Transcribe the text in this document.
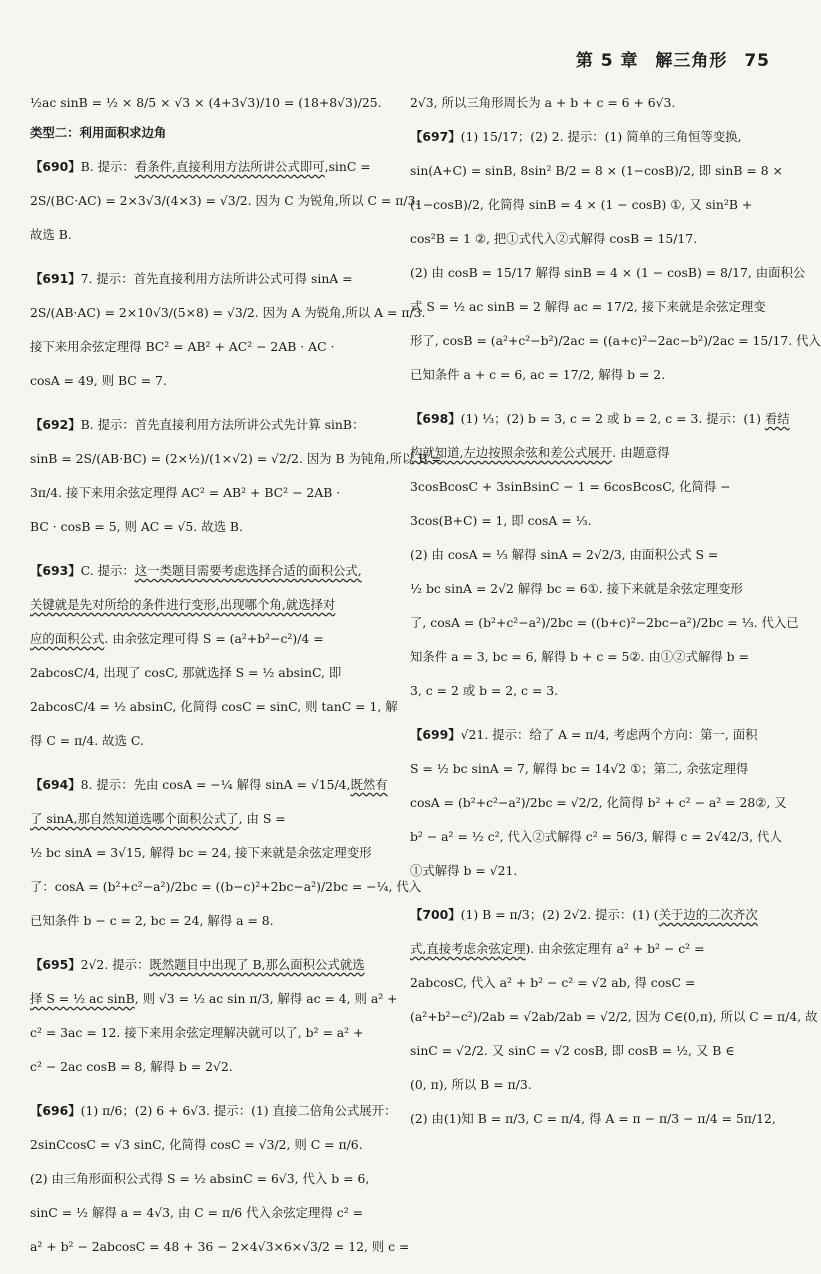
第 5 章 解三角形 75
½ac sinB = ½ × 8/5 × √3 × (4+3√3)/10 = (18+8√3)/25.
类型二：利用面积求边角
【690】B. 提示：看条件,直接利用方法所讲公式即可,sinC =
2S/(BC·AC) = 2×3√3/(4×3) = √3/2. 因为 C 为锐角,所以 C = π/3.
故选 B.
【691】7. 提示：首先直接利用方法所讲公式可得 sinA =
2S/(AB·AC) = 2×10√3/(5×8) = √3/2. 因为 A 为锐角,所以 A = π/3.
接下来用余弦定理得 BC² = AB² + AC² − 2AB · AC ·
cosA = 49, 则 BC = 7.
【692】B. 提示：首先直接利用方法所讲公式先计算 sinB：
sinB = 2S/(AB·BC) = (2×½)/(1×√2) = √2/2. 因为 B 为钝角,所以 B =
3π/4. 接下来用余弦定理得 AC² = AB² + BC² − 2AB ·
BC · cosB = 5, 则 AC = √5. 故选 B.
【693】C. 提示：这一类题目需要考虑选择合适的面积公式,
关键就是先对所给的条件进行变形,出现哪个角,就选择对
应的面积公式. 由余弦定理可得 S = (a²+b²−c²)/4 =
2abcosC/4, 出现了 cosC, 那就选择 S = ½ absinC, 即
2abcosC/4 = ½ absinC, 化简得 cosC = sinC, 则 tanC = 1, 解
得 C = π/4. 故选 C.
【694】8. 提示：先由 cosA = −¼ 解得 sinA = √15/4,既然有
了 sinA,那自然知道选哪个面积公式了, 由 S =
½ bc sinA = 3√15, 解得 bc = 24, 接下来就是余弦定理变形
了：cosA = (b²+c²−a²)/2bc = ((b−c)²+2bc−a²)/2bc = −¼, 代入
已知条件 b − c = 2, bc = 24, 解得 a = 8.
【695】2√2. 提示：既然题目中出现了 B,那么面积公式就选
择 S = ½ ac sinB, 则 √3 = ½ ac sin π/3, 解得 ac = 4, 则 a² +
c² = 3ac = 12. 接下来用余弦定理解决就可以了, b² = a² +
c² − 2ac cosB = 8, 解得 b = 2√2.
【696】(1) π/6；(2) 6 + 6√3. 提示：(1) 直接二倍角公式展开：
2sinCcosC = √3 sinC, 化简得 cosC = √3/2, 则 C = π/6.
(2) 由三角形面积公式得 S = ½ absinC = 6√3, 代入 b = 6,
sinC = ½ 解得 a = 4√3, 由 C = π/6 代入余弦定理得 c² =
a² + b² − 2abcosC = 48 + 36 − 2×4√3×6×√3/2 = 12, 则 c =
2√3, 所以三角形周长为 a + b + c = 6 + 6√3.
【697】(1) 15/17；(2) 2. 提示：(1) 简单的三角恒等变换,
sin(A+C) = sinB, 8sin² B/2 = 8 × (1−cosB)/2, 即 sinB = 8 ×
(1−cosB)/2, 化简得 sinB = 4 × (1 − cosB) ①, 又 sin²B +
cos²B = 1 ②, 把①式代入②式解得 cosB = 15/17.
(2) 由 cosB = 15/17 解得 sinB = 4 × (1 − cosB) = 8/17, 由面积公
式 S = ½ ac sinB = 2 解得 ac = 17/2, 接下来就是余弦定理变
形了, cosB = (a²+c²−b²)/2ac = ((a+c)²−2ac−b²)/2ac = 15/17. 代入
已知条件 a + c = 6, ac = 17/2, 解得 b = 2.
【698】(1) ⅓；(2) b = 3, c = 2 或 b = 2, c = 3. 提示：(1) 看结
构就知道,左边按照余弦和差公式展开. 由题意得
3cosBcosC + 3sinBsinC − 1 = 6cosBcosC, 化简得 −
3cos(B+C) = 1, 即 cosA = ⅓.
(2) 由 cosA = ⅓ 解得 sinA = 2√2/3, 由面积公式 S =
½ bc sinA = 2√2 解得 bc = 6①. 接下来就是余弦定理变形
了, cosA = (b²+c²−a²)/2bc = ((b+c)²−2bc−a²)/2bc = ⅓. 代入已
知条件 a = 3, bc = 6, 解得 b + c = 5②. 由①②式解得 b =
3, c = 2 或 b = 2, c = 3.
【699】√21. 提示：给了 A = π/4, 考虑两个方向：第一, 面积
S = ½ bc sinA = 7, 解得 bc = 14√2 ①；第二, 余弦定理得
cosA = (b²+c²−a²)/2bc = √2/2, 化简得 b² + c² − a² = 28②, 又
b² − a² = ½ c², 代入②式解得 c² = 56/3, 解得 c = 2√42/3, 代人
①式解得 b = √21.
【700】(1) B = π/3；(2) 2√2. 提示：(1) (关于边的二次齐次
式,直接考虑余弦定理). 由余弦定理有 a² + b² − c² =
2abcosC, 代入 a² + b² − c² = √2 ab, 得 cosC =
(a²+b²−c²)/2ab = √2ab/2ab = √2/2, 因为 C∈(0,π), 所以 C = π/4, 故
sinC = √2/2. 又 sinC = √2 cosB, 即 cosB = ½, 又 B ∈
(0, π), 所以 B = π/3.
(2) 由(1)知 B = π/3, C = π/4, 得 A = π − π/3 − π/4 = 5π/12,
